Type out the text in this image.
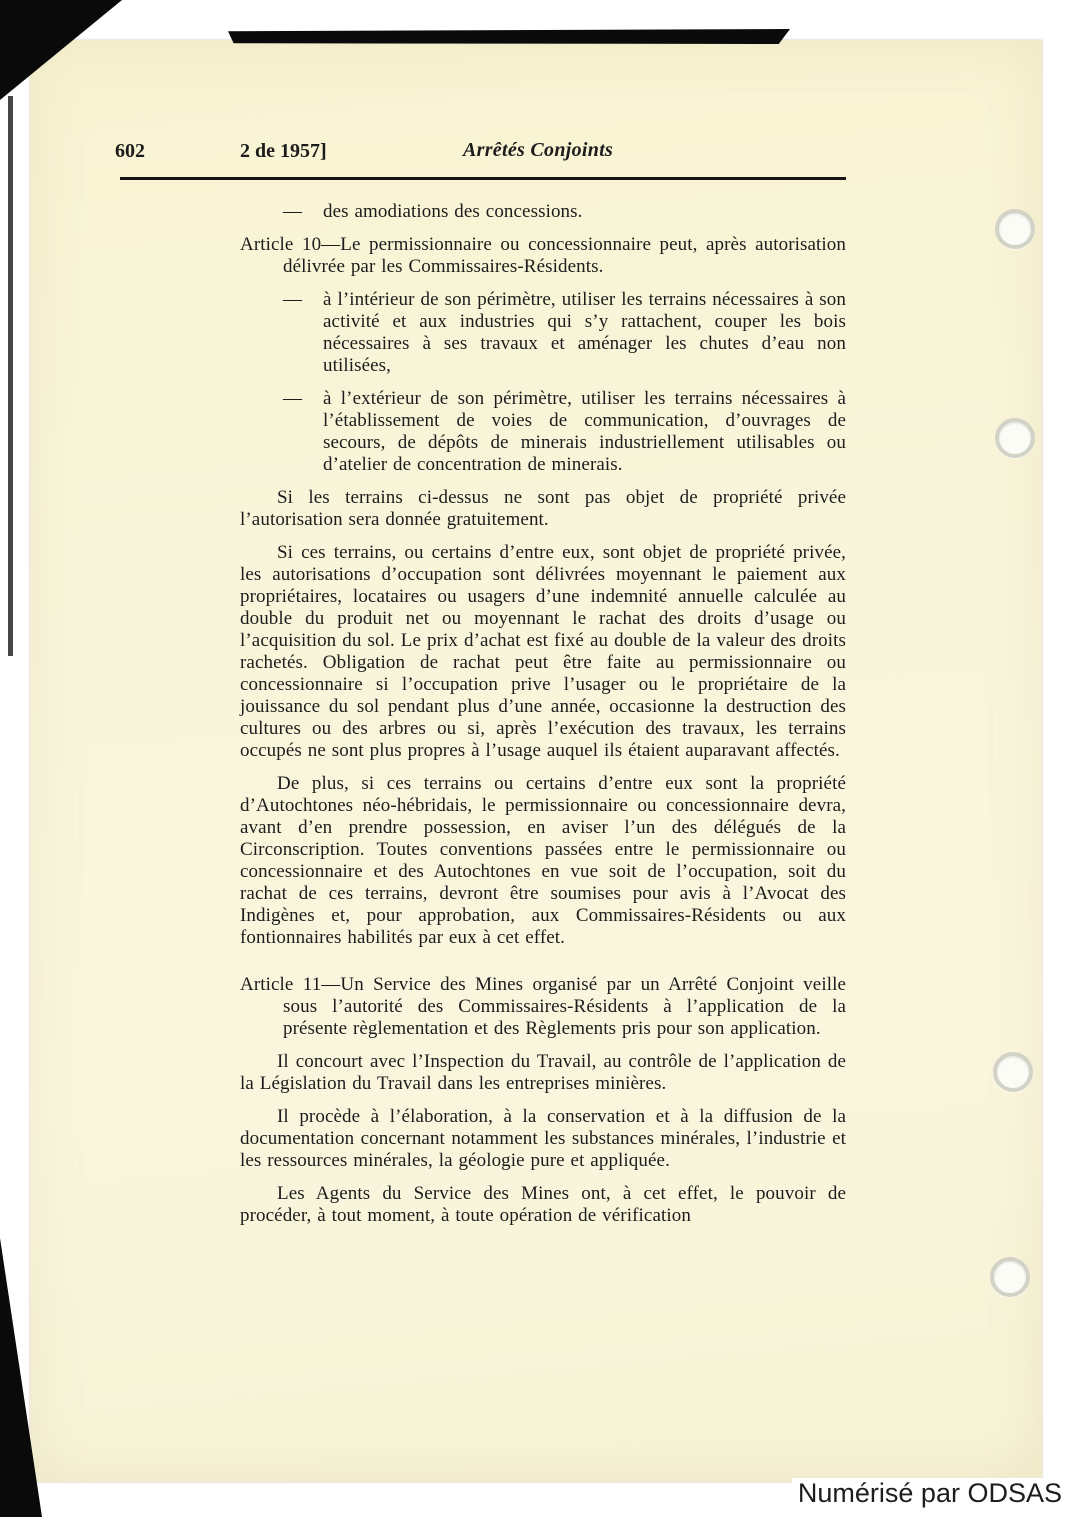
602	2 de 1957]	Arrêtés Conjoints
—	des amodiations des concessions.

Article 10—Le permissionnaire ou concessionnaire peut, après autorisation délivrée par les Commissaires-Résidents.

—	à l’intérieur de son périmètre, utiliser les terrains nécessaires à son activité et aux industries qui s’y rattachent, couper les bois nécessaires à ses travaux et aménager les chutes d’eau non utilisées,
—	à l’extérieur de son périmètre, utiliser les terrains nécessaires à l’établissement de voies de communication, d’ouvrages de secours, de dépôts de minerais industriellement utilisables ou d’atelier de concentration de minerais.

Si les terrains ci-dessus ne sont pas objet de propriété privée l’autorisation sera donnée gratuitement.

Si ces terrains, ou certains d’entre eux, sont objet de propriété privée, les autorisations d’occupation sont délivrées moyennant le paiement aux propriétaires, locataires ou usagers d’une indemnité annuelle calculée au double du produit net ou moyennant le rachat des droits d’usage ou l’acquisition du sol. Le prix d’achat est fixé au double de la valeur des droits rachetés. Obligation de rachat peut être faite au permissionnaire ou concessionnaire si l’occupation prive l’usager ou le propriétaire de la jouissance du sol pendant plus d’une année, occasionne la destruction des cultures ou des arbres ou si, après l’exécution des travaux, les terrains occupés ne sont plus propres à l’usage auquel ils étaient auparavant affectés.

De plus, si ces terrains ou certains d’entre eux sont la propriété d’Autochtones néo-hébridais, le permissionnaire ou concessionnaire devra, avant d’en prendre possession, en aviser l’un des délégués de la Circonscription. Toutes conventions passées entre le permissionnaire ou concessionnaire et des Autochtones en vue soit de l’occupation, soit du rachat de ces terrains, devront être soumises pour avis à l’Avocat des Indigènes et, pour approbation, aux Commissaires-Résidents ou aux fontionnaires habilités par eux à cet effet.

Article 11—Un Service des Mines organisé par un Arrêté Conjoint veille sous l’autorité des Commissaires-Résidents à l’application de la présente règlementation et des Règlements pris pour son application.

Il concourt avec l’Inspection du Travail, au contrôle de l’application de la Législation du Travail dans les entreprises minières.

Il procède à l’élaboration, à la conservation et à la diffusion de la documentation concernant notamment les substances minérales, l’industrie et les ressources minérales, la géologie pure et appliquée.

Les Agents du Service des Mines ont, à cet effet, le pouvoir de procéder, à tout moment, à toute opération de vérification

Numérisé par ODSAS
